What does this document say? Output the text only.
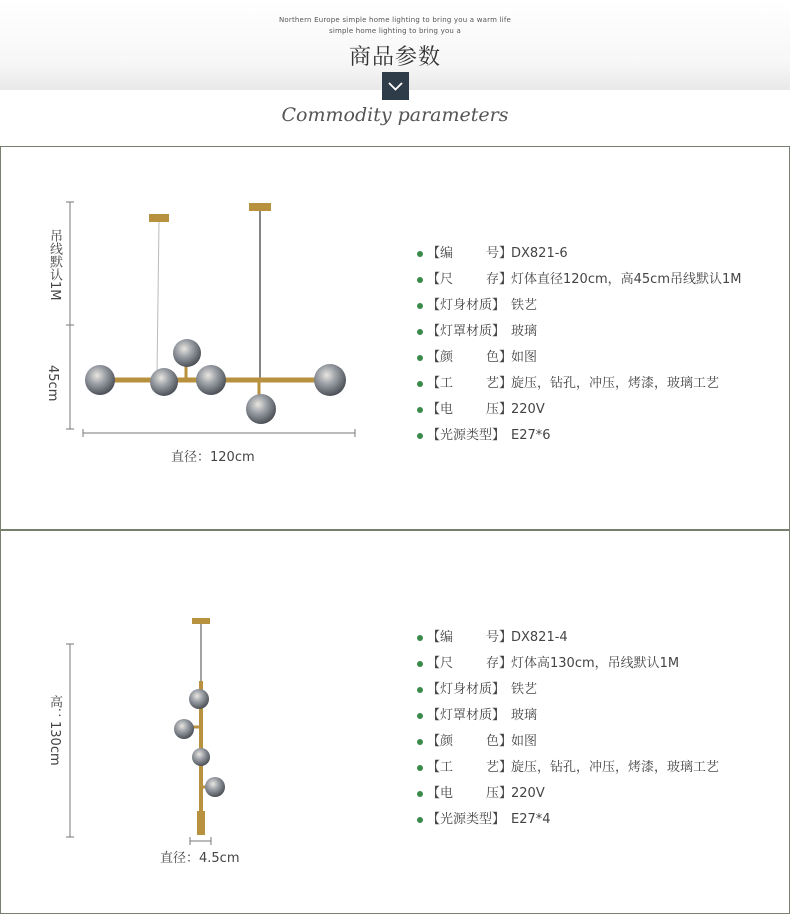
Northern Europe simple home lighting to bring you a warm life
simple home lighting to bring you a
商品参数
Commodity parameters
吊线默认1M
45cm
直径：120cm
【编        号】
DX821-6
【尺        存】
灯体直径120cm，高45cm吊线默认1M
【灯身材质】 铁艺
【灯罩材质】 玻璃
【颜        色】
如图
【工        艺】
旋压，钻孔，冲压，烤漆，玻璃工艺
【电        压】
220V
【光源类型】 E27*6
高：130cm
直径：4.5cm
【编        号】
DX821-4
【尺        存】
灯体高130cm，吊线默认1M
【灯身材质】 铁艺
【灯罩材质】 玻璃
【颜        色】
如图
【工        艺】
旋压，钻孔，冲压，烤漆，玻璃工艺
【电        压】
220V
【光源类型】 E27*4
